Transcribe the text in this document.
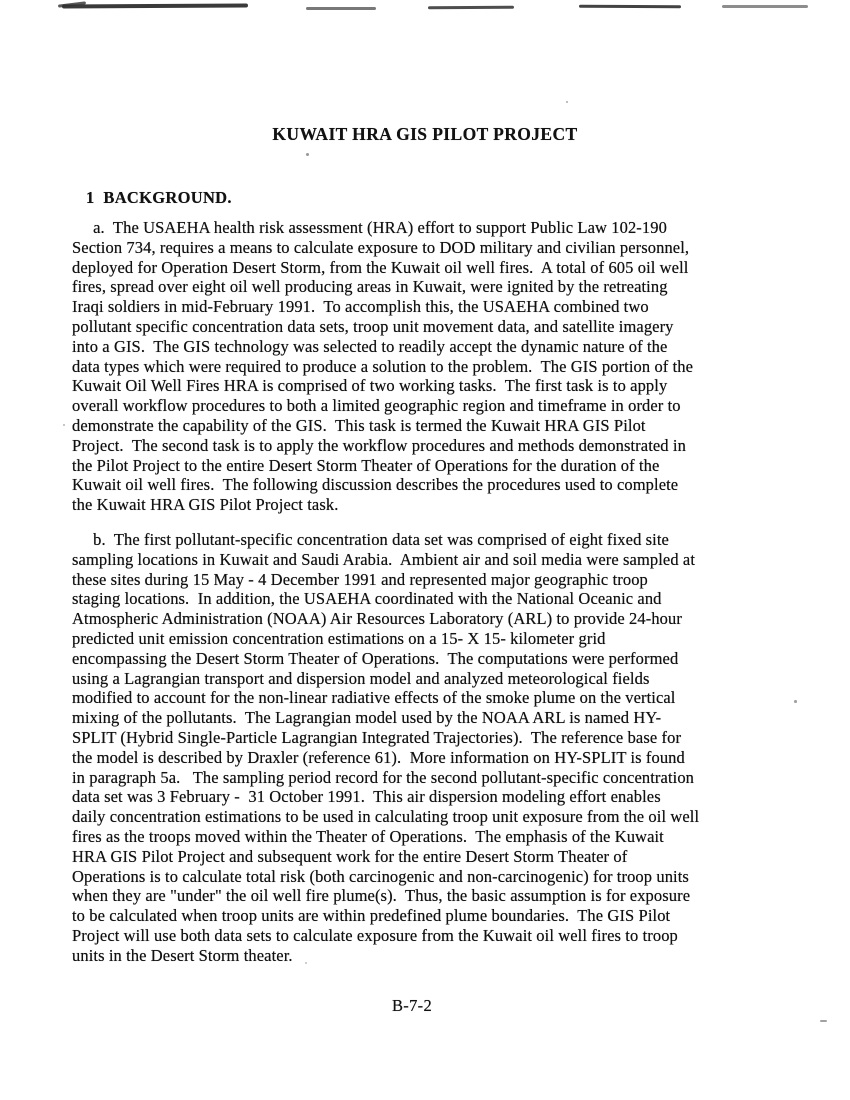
KUWAIT HRA GIS PILOT PROJECT
1  BACKGROUND.
a.  The USAEHA health risk assessment (HRA) effort to support Public Law 102-190
Section 734, requires a means to calculate exposure to DOD military and civilian personnel,
deployed for Operation Desert Storm, from the Kuwait oil well fires.  A total of 605 oil well
fires, spread over eight oil well producing areas in Kuwait, were ignited by the retreating
Iraqi soldiers in mid-February 1991.  To accomplish this, the USAEHA combined two
pollutant specific concentration data sets, troop unit movement data, and satellite imagery
into a GIS.  The GIS technology was selected to readily accept the dynamic nature of the
data types which were required to produce a solution to the problem.  The GIS portion of the
Kuwait Oil Well Fires HRA is comprised of two working tasks.  The first task is to apply
overall workflow procedures to both a limited geographic region and timeframe in order to
demonstrate the capability of the GIS.  This task is termed the Kuwait HRA GIS Pilot
Project.  The second task is to apply the workflow procedures and methods demonstrated in
the Pilot Project to the entire Desert Storm Theater of Operations for the duration of the
Kuwait oil well fires.  The following discussion describes the procedures used to complete
the Kuwait HRA GIS Pilot Project task.
b.  The first pollutant-specific concentration data set was comprised of eight fixed site
sampling locations in Kuwait and Saudi Arabia.  Ambient air and soil media were sampled at
these sites during 15 May - 4 December 1991 and represented major geographic troop
staging locations.  In addition, the USAEHA coordinated with the National Oceanic and
Atmospheric Administration (NOAA) Air Resources Laboratory (ARL) to provide 24-hour
predicted unit emission concentration estimations on a 15- X 15- kilometer grid
encompassing the Desert Storm Theater of Operations.  The computations were performed
using a Lagrangian transport and dispersion model and analyzed meteorological fields
modified to account for the non-linear radiative effects of the smoke plume on the vertical
mixing of the pollutants.  The Lagrangian model used by the NOAA ARL is named HY-
SPLIT (Hybrid Single-Particle Lagrangian Integrated Trajectories).  The reference base for
the model is described by Draxler (reference 61).  More information on HY-SPLIT is found
in paragraph 5a.   The sampling period record for the second pollutant-specific concentration
data set was 3 February -  31 October 1991.  This air dispersion modeling effort enables
daily concentration estimations to be used in calculating troop unit exposure from the oil well
fires as the troops moved within the Theater of Operations.  The emphasis of the Kuwait
HRA GIS Pilot Project and subsequent work for the entire Desert Storm Theater of
Operations is to calculate total risk (both carcinogenic and non-carcinogenic) for troop units
when they are "under" the oil well fire plume(s).  Thus, the basic assumption is for exposure
to be calculated when troop units are within predefined plume boundaries.  The GIS Pilot
Project will use both data sets to calculate exposure from the Kuwait oil well fires to troop
units in the Desert Storm theater.
B-7-2
